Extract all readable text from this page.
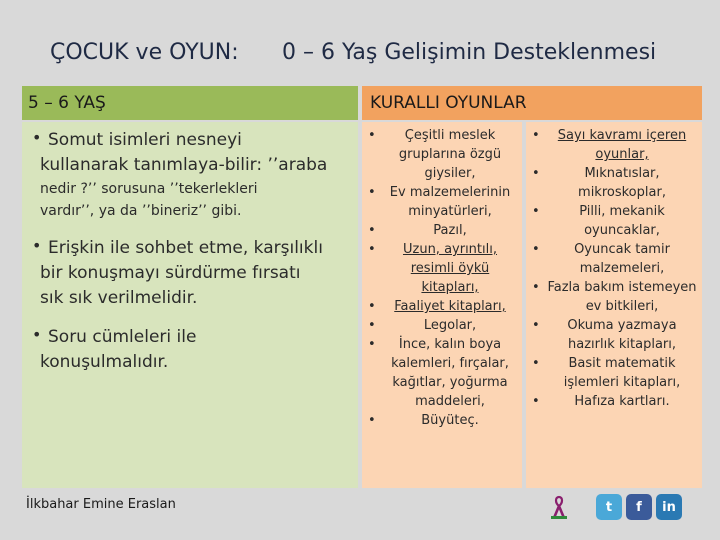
ÇOCUK ve OYUN: 0 – 6 Yaş Gelişimin Desteklenmesi
5 – 6 YAŞ	KURALLI OYUNLAR
• Somut isimleri nesneyi
kullanarak tanımlaya-bilir: ’’araba
nedir ?’’ sorusuna ’’tekerlekleri
vardır’’, ya da ’’bineriz’’ gibi.
• Erişkin ile sohbet etme, karşılıklı
bir konuşmayı sürdürme fırsatı
sık sık verilmelidir.
• Soru cümleleri ile
konuşulmalıdır.
• Çeşitli meslek gruplarına özgü giysiler,
• Ev malzemelerinin minyatürleri,
• Pazıl,
• Uzun, ayrıntılı, resimli öykü kitapları,
• Faaliyet kitapları,
• Legolar,
• İnce, kalın boya kalemleri, fırçalar, kağıtlar, yoğurma maddeleri,
• Büyüteç.
• Sayı kavramı içeren oyunlar,
• Mıknatıslar, mikroskoplar,
• Pilli, mekanik oyuncaklar,
• Oyuncak tamir malzemeleri,
• Fazla bakım istemeyen ev bitkileri,
• Okuma yazmaya hazırlık kitapları,
• Basit matematik işlemleri kitapları,
• Hafıza kartları.
İlkbahar Emine Eraslan	t	f	in
